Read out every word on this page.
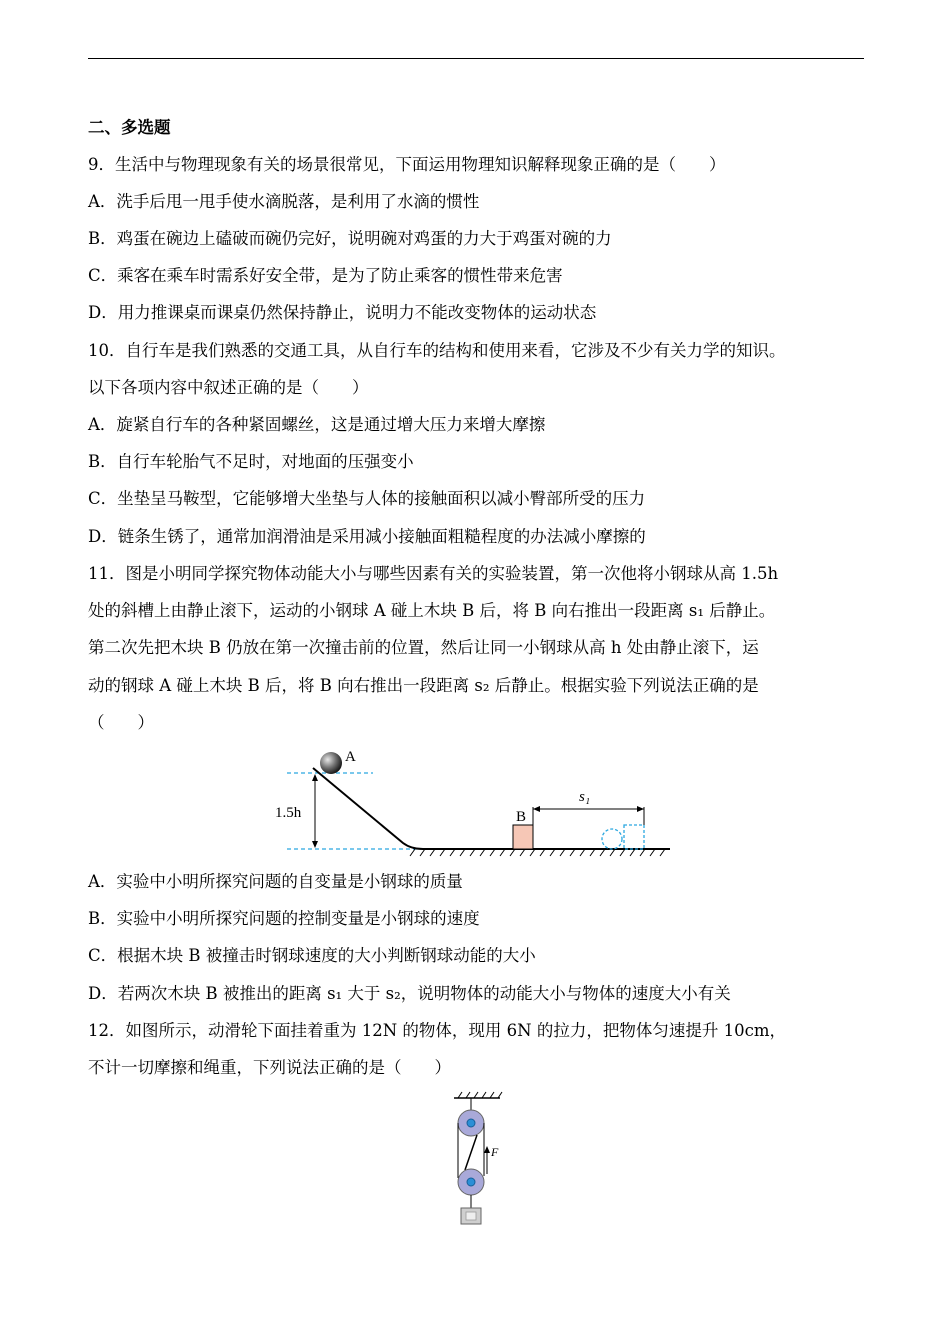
二、多选题
9．生活中与物理现象有关的场景很常见，下面运用物理知识解释现象正确的是（　　）
A．洗手后甩一甩手使水滴脱落，是利用了水滴的惯性
B．鸡蛋在碗边上磕破而碗仍完好，说明碗对鸡蛋的力大于鸡蛋对碗的力
C．乘客在乘车时需系好安全带，是为了防止乘客的惯性带来危害
D．用力推课桌而课桌仍然保持静止，说明力不能改变物体的运动状态
10．自行车是我们熟悉的交通工具，从自行车的结构和使用来看，它涉及不少有关力学的知识。
以下各项内容中叙述正确的是（　　）
A．旋紧自行车的各种紧固螺丝，这是通过增大压力来增大摩擦
B．自行车轮胎气不足时，对地面的压强变小
C．坐垫呈马鞍型，它能够增大坐垫与人体的接触面积以减小臀部所受的压力
D．链条生锈了，通常加润滑油是采用减小接触面粗糙程度的办法减小摩擦的
11．图是小明同学探究物体动能大小与哪些因素有关的实验装置，第一次他将小钢球从高 1.5h
处的斜槽上由静止滚下，运动的小钢球 A 碰上木块 B 后，将 B 向右推出一段距离 s₁ 后静止。
第二次先把木块 B 仍放在第一次撞击前的位置，然后让同一小钢球从高 h 处由静止滚下，运
动的钢球 A 碰上木块 B 后，将 B 向右推出一段距离 s₂ 后静止。根据实验下列说法正确的是
（　　）
1.5h
A
B
s₁
A．实验中小明所探究问题的自变量是小钢球的质量
B．实验中小明所探究问题的控制变量是小钢球的速度
C．根据木块 B 被撞击时钢球速度的大小判断钢球动能的大小
D．若两次木块 B 被推出的距离 s₁ 大于 s₂，说明物体的动能大小与物体的速度大小有关
12．如图所示，动滑轮下面挂着重为 12N 的物体，现用 6N 的拉力，把物体匀速提升 10cm，
不计一切摩擦和绳重，下列说法正确的是（　　）
F
